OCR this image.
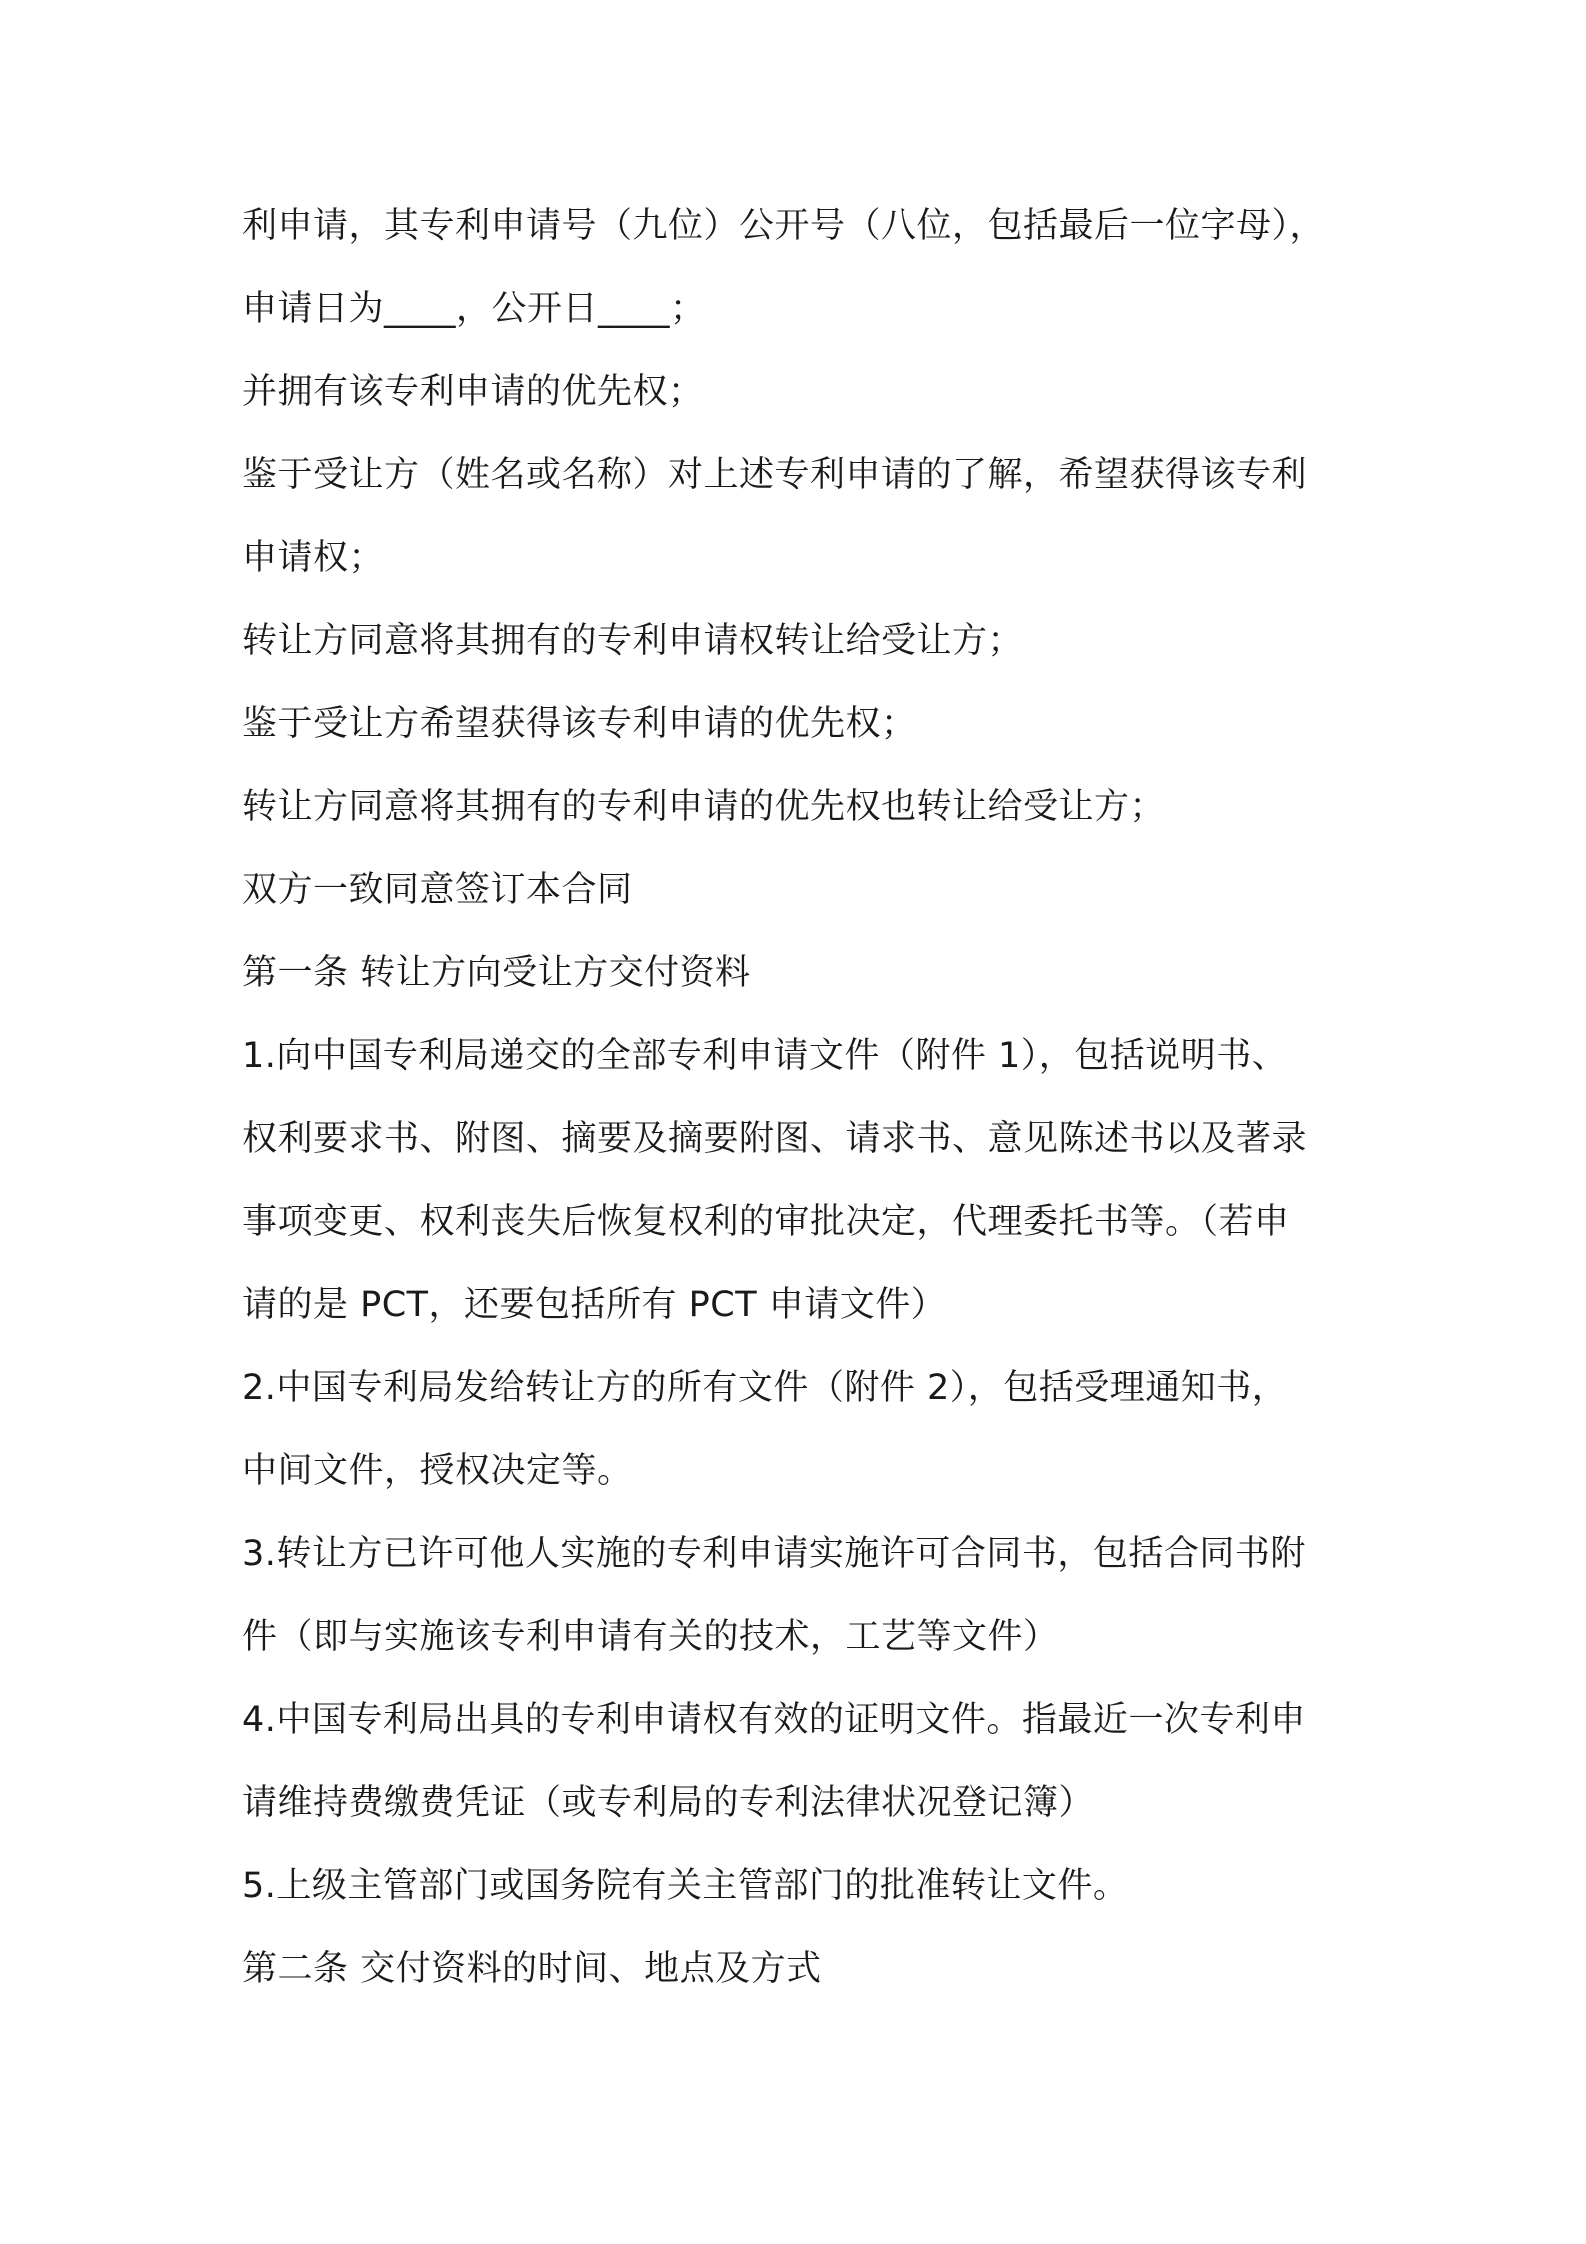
利申请，其专利申请号（九位）公开号（八位，包括最后一位字母），
申请日为____，公开日____；
并拥有该专利申请的优先权；
鉴于受让方（姓名或名称）对上述专利申请的了解，希望获得该专利
申请权；
转让方同意将其拥有的专利申请权转让给受让方；
鉴于受让方希望获得该专利申请的优先权；
转让方同意将其拥有的专利申请的优先权也转让给受让方；
双方一致同意签订本合同
第一条 转让方向受让方交付资料
1.向中国专利局递交的全部专利申请文件（附件 1），包括说明书、
权利要求书、附图、摘要及摘要附图、请求书、意见陈述书以及著录
事项变更、权利丧失后恢复权利的审批决定，代理委托书等。（若申
请的是 PCT，还要包括所有 PCT 申请文件）
2.中国专利局发给转让方的所有文件（附件 2），包括受理通知书，
中间文件，授权决定等。
3.转让方已许可他人实施的专利申请实施许可合同书，包括合同书附
件（即与实施该专利申请有关的技术，工艺等文件）
4.中国专利局出具的专利申请权有效的证明文件。指最近一次专利申
请维持费缴费凭证（或专利局的专利法律状况登记簿）
5.上级主管部门或国务院有关主管部门的批准转让文件。
第二条 交付资料的时间、地点及方式
